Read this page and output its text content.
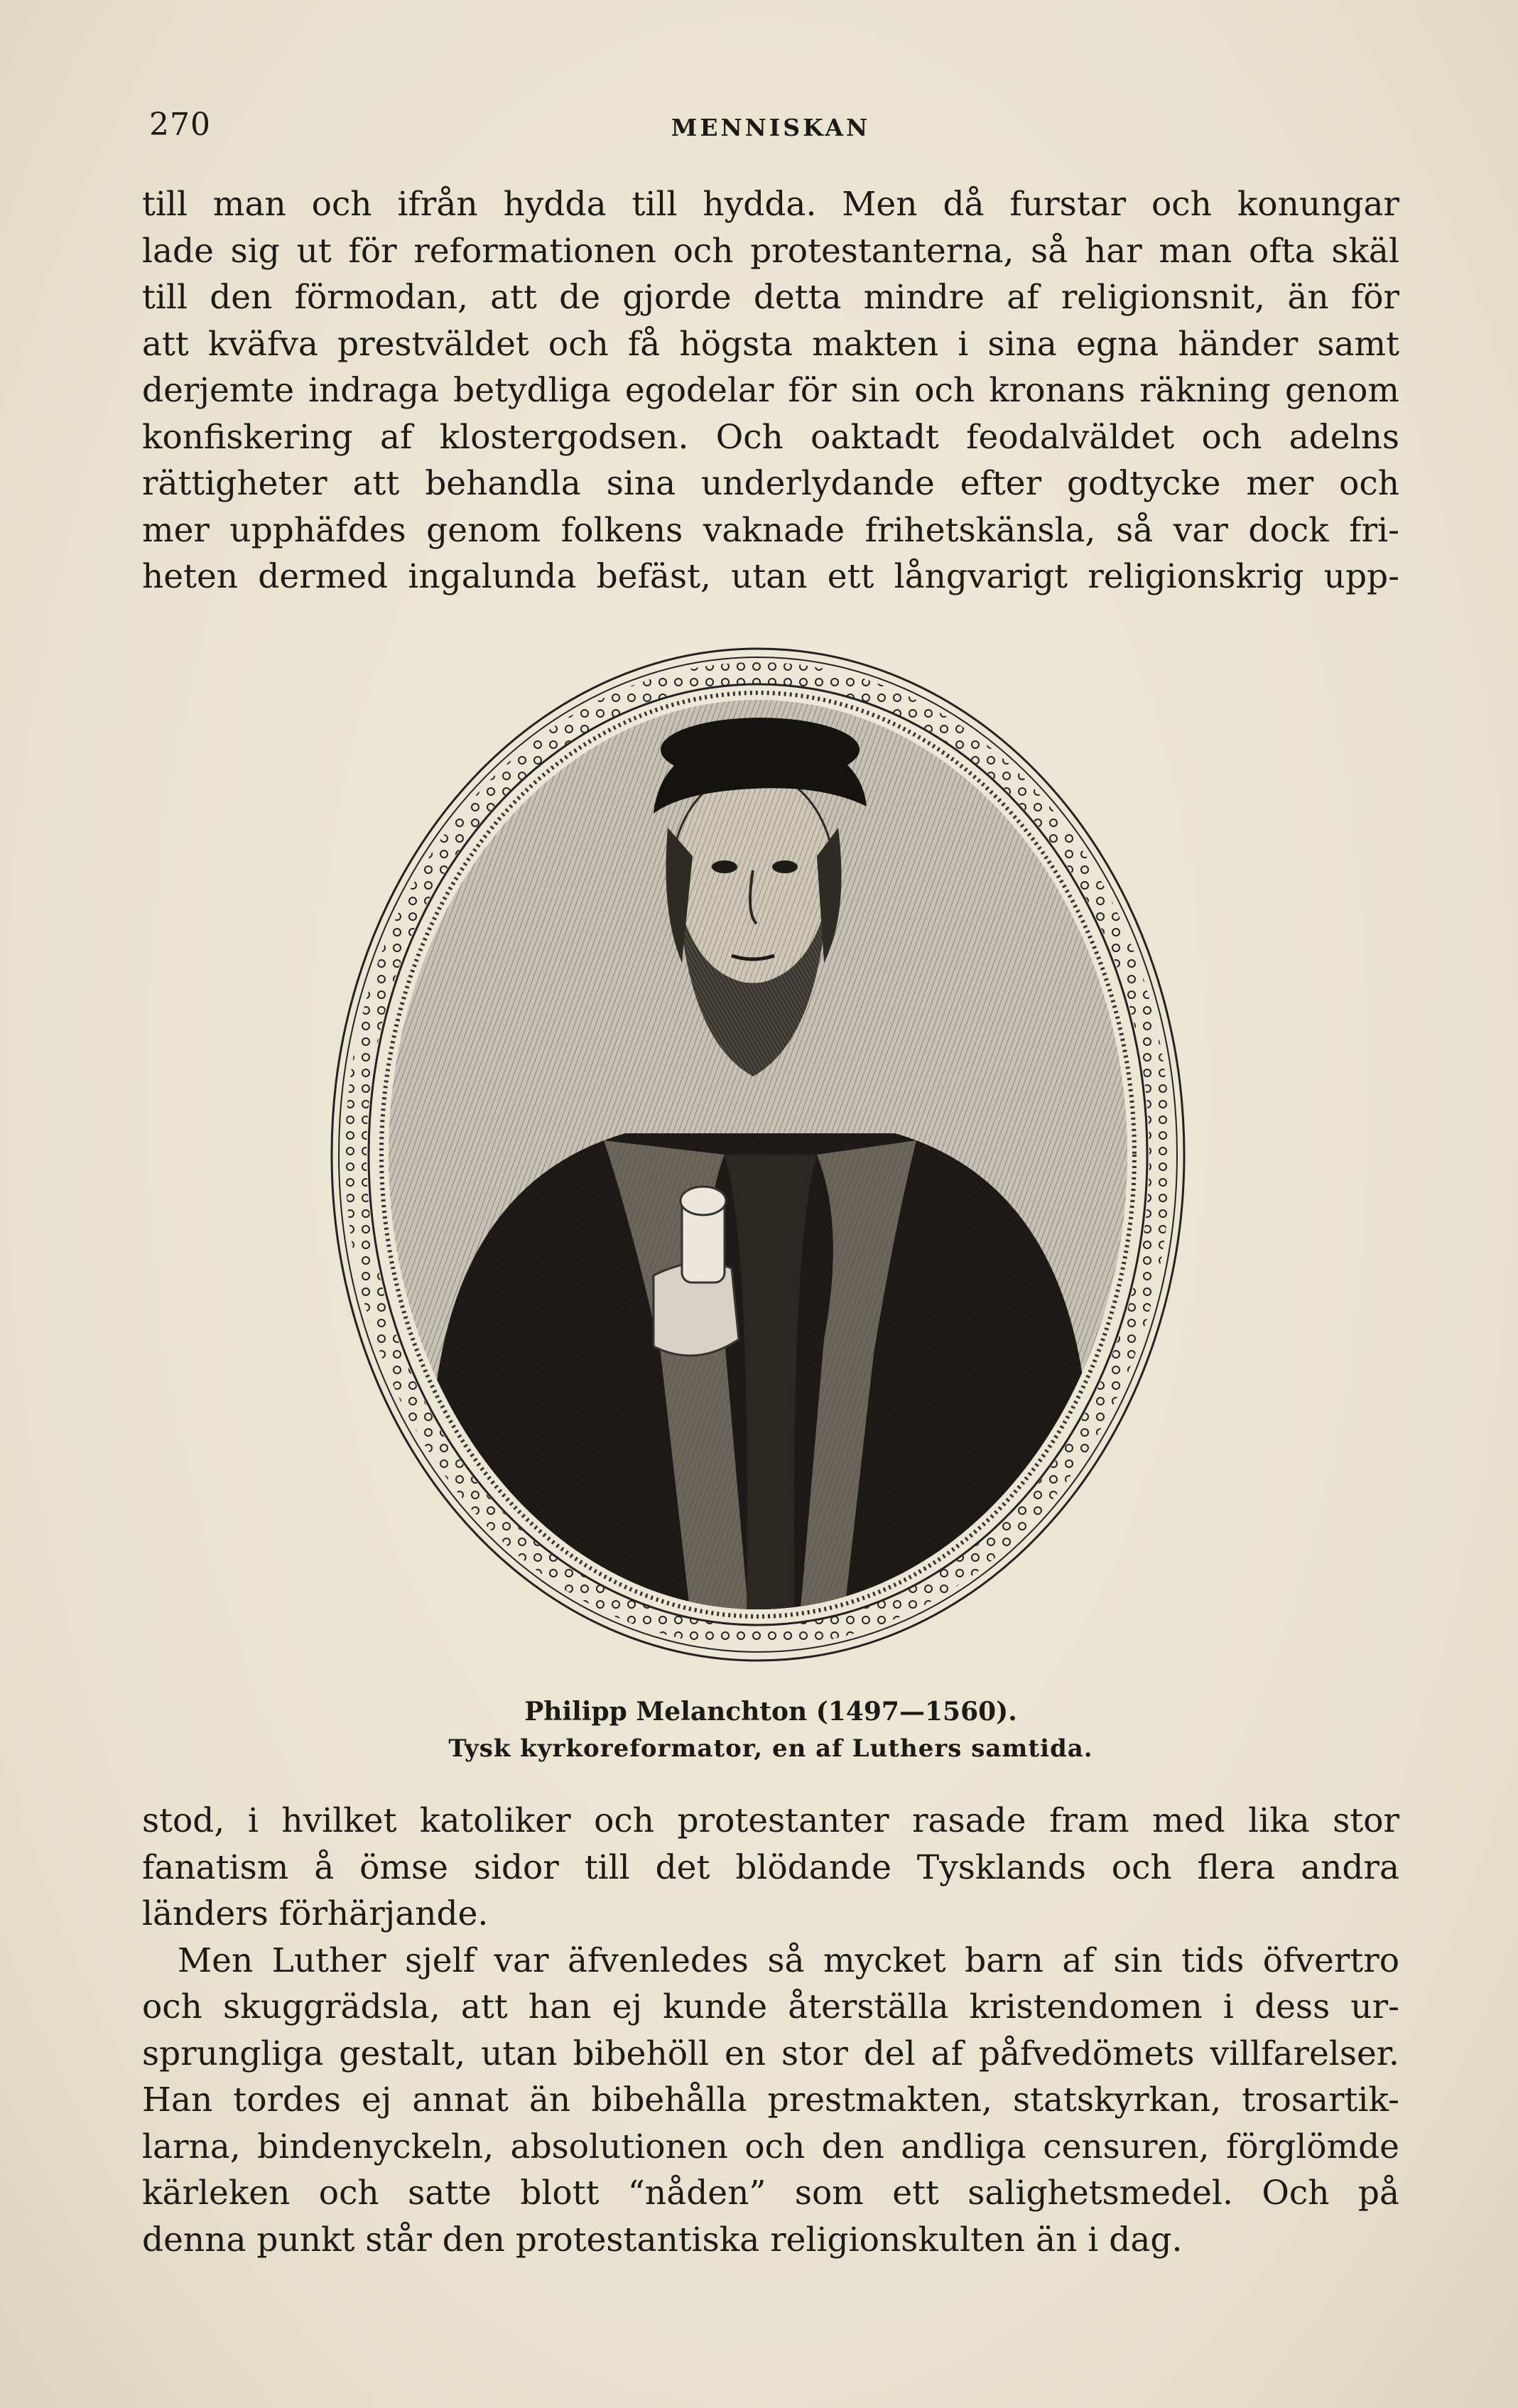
270	MENNISKAN
till man och ifrån hydda till hydda. Men då furstar och konungar
lade sig ut för reformationen och protestanterna, så har man ofta skäl
till den förmodan, att de gjorde detta mindre af religionsnit, än för
att kväfva prestväldet och få högsta makten i sina egna händer samt
derjemte indraga betydliga egodelar för sin och kronans räkning genom
konfiskering af klostergodsen. Och oaktadt feodalväldet och adelns
rättigheter att behandla sina underlydande efter godtycke mer och
mer upphäfdes genom folkens vaknade frihetskänsla, så var dock fri-
heten dermed ingalunda befäst, utan ett långvarigt religionskrig upp-
Philipp Melanchton (1497—1560).
Tysk kyrkoreformator, en af Luthers samtida.
stod, i hvilket katoliker och protestanter rasade fram med lika stor
fanatism å ömse sidor till det blödande Tysklands och flera andra
länders förhärjande.
Men Luther sjelf var äfvenledes så mycket barn af sin tids öfvertro
och skuggrädsla, att han ej kunde återställa kristendomen i dess ur-
sprungliga gestalt, utan bibehöll en stor del af påfvedömets villfarelser.
Han tordes ej annat än bibehålla prestmakten, statskyrkan, trosartik-
larna, bindenyckeln, absolutionen och den andliga censuren, förglömde
kärleken och satte blott “nåden” som ett salighetsmedel. Och på
denna punkt står den protestantiska religionskulten än i dag.
